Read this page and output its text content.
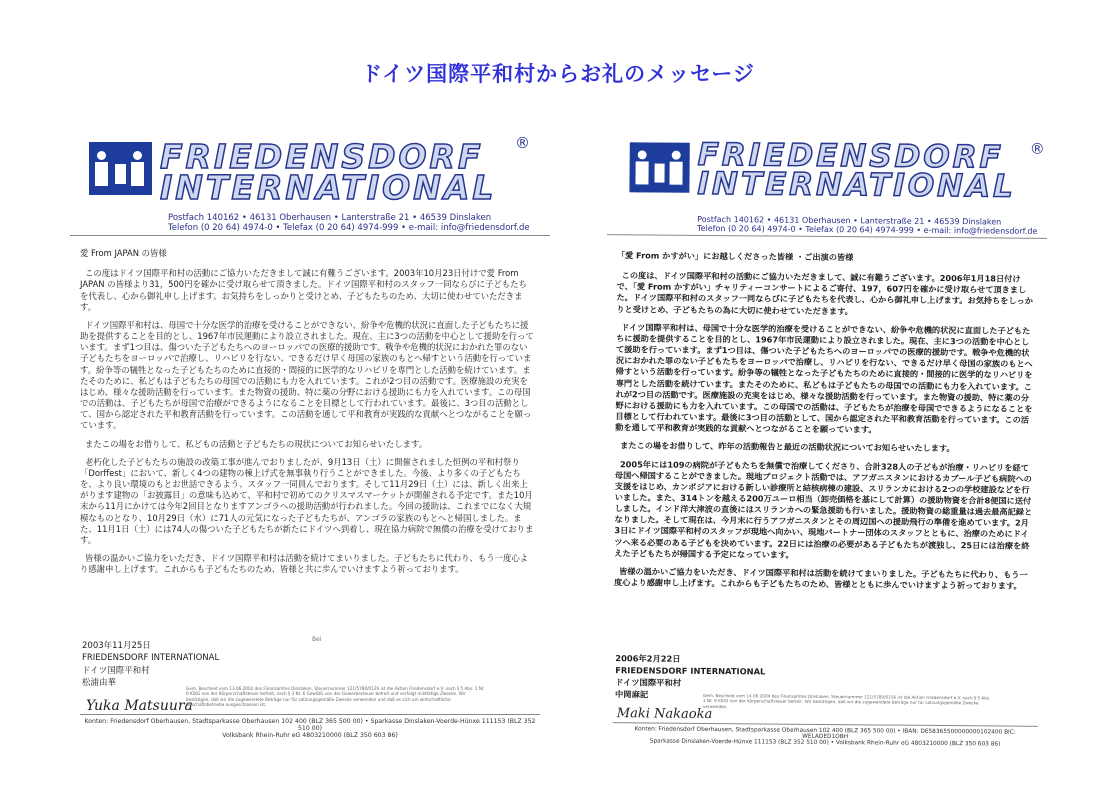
ドイツ国際平和村からお礼のメッセージ
FRIEDENSDORF
INTERNATIONAL
®
Postfach 140162 • 46131 Oberhausen • Lanterstraße 21 • 46539 Dinslaken
Telefon (0 20 64) 4974-0 • Telefax (0 20 64) 4974-999 • e-mail: info@friedensdorf.de

愛 From JAPAN の皆様

この度はドイツ国際平和村の活動にご協力いただきまして誠に有難うございます。2003年10月23日付けで愛 From JAPAN の皆様より31，500円を確かに受け取らせて頂きました。ドイツ国際平和村のスタッフ一同ならびに子どもたちを代表し、心から御礼申し上げます。お気持ちをしっかりと受けとめ、子どもたちのため、大切に使わせていただきます。

ドイツ国際平和村は、母国で十分な医学的治療を受けることができない、紛争や危機的状況に直面した子どもたちに援助を提供することを目的とし、1967年市民運動により設立されました。現在、主に3つの活動を中心として援助を行っています。まず1つ目は、傷ついた子どもたちへのヨーロッパでの医療的援助です。戦争や危機的状況におかれた罪のない子どもたちをヨーロッパで治療し、リハビリを行ない、できるだけ早く母国の家族のもとへ帰すという活動を行っています。紛争等の犠牲となった子どもたちのために直接的・間接的に医学的なリハビリを専門とした活動を続けています。またそのために、私どもは子どもたちの母国での活動にも力を入れています。これが2つ目の活動です。医療施設の充実をはじめ、様々な援助活動を行っています。また物資の援助、特に薬の分野における援助にも力を入れています。この母国での活動は、子どもたちが母国で治療ができるようになることを目標として行われています。最後に、3つ目の活動として、国から認定された平和教育活動を行っています。この活動を通して平和教育が実践的な貢献へとつながることを願っています。

またこの場をお借りして、私どもの活動と子どもたちの現状についてお知らせいたします。

老朽化した子どもたちの施設の改築工事が進んでおりましたが、9月13日（土）に開催されました恒例の平和村祭り「Dorffest」において、新しく4つの建物の棟上げ式を無事執り行うことができました。今後、より多くの子どもたちを、より良い環境のもとお世話できるよう、スタッフ一同員んでおります。そして11月29日（土）には、新しく出来上がります建物の「お披露目」の意味も込めて、平和村で初めてのクリスマスマーケットが開催される予定です。また10月末から11月にかけては今年2回目となりますアンゴラへの援助活動が行われました。今回の援助は、これまでになく大規模なものとなり、10月29日（水）に71人の元気になった子どもたちが、アンゴラの家族のもとへと帰国しました。また、11月1日（土）には74人の傷ついた子どもたちが新たにドイツへ到着し、現在協力病院で無償の治療を受けております。

皆様の温かいご協力をいただき、ドイツ国際平和村は活動を続けてまいりました。子どもたちに代わり、もう一度心より感謝申し上げます。これからも子どもたちのため、皆様と共に歩んでいけますよう祈っております。

Bei
2003年11月25日
FRIEDENSDORF INTERNATIONAL
ドイツ国際平和村
松浦由華
Yuka Matsuura
Gem. Bescheid vom 13.06.2002 des Finanzamtes Dinslaken, Steuernummer 121/5780/0126 ist die Aktion Friedensdorf e.V. nach § 5 Abs. 1 Nr. 9 KStG von der Körperschaftsteuer befreit, nach § 3 Nr. 6 GewStG von der Gewerbesteuer befreit und verfolgt mildtätige Zwecke. Wir bestätigen, daß wir die zugewendete Beträge nur für satzungsgemäße Zwecke verwenden und daß es sich um wirtschaftliche Geschäftsbetriebe ausgeschlossen ist.
Konten: Friedensdorf Oberhausen, Stadtsparkasse Oberhausen 102 400 (BLZ 365 500 00) • Sparkasse Dinslaken-Voerde-Hünxe 111153 (BLZ 352 510 00)
Volksbank Rhein-Ruhr eG 4803210000 (BLZ 350 603 86)
FRIEDENSDORF
INTERNATIONAL
®
Postfach 140162 • 46131 Oberhausen • Lanterstraße 21 • 46539 Dinslaken
Telefon (0 20 64) 4974-0 • Telefax (0 20 64) 4974-999 • e-mail: info@friedensdorf.de

「愛 From かすがい」にお越しくださった皆様 ・ご出演の皆様

この度は、ドイツ国際平和村の活動にご協力いただきまして、誠に有難うございます。2006年1月18日付けで、「愛 From かすがい」チャリティーコンサートによるご寄付、197，607円を確かに受け取らせて頂きました。ドイツ国際平和村のスタッフ一同ならびに子どもたちを代表し、心から御礼申し上げます。お気持ちをしっかりと受けとめ、子どもたちの為に大切に使わせていただきます。

ドイツ国際平和村は、母国で十分な医学的治療を受けることができない、紛争や危機的状況に直面した子どもたちに援助を提供することを目的とし、1967年市民運動により設立されました。現在、主に3つの活動を中心として援助を行っています。まず1つ目は、傷ついた子どもたちへのヨーロッパでの医療的援助です。戦争や危機的状況におかれた罪のない子どもたちをヨーロッパで治療し、リハビリを行ない、できるだけ早く母国の家族のもとへ帰すという活動を行っています。紛争等の犠牲となった子どもたちのために直接的・間接的に医学的なリハビリを専門とした活動を続けています。またそのために、私どもは子どもたちの母国での活動にも力を入れています。これが2つ目の活動です。医療施設の充実をはじめ、様々な援助活動を行っています。また物資の援助、特に薬の分野における援助にも力を入れています。この母国での活動は、子どもたちが治療を母国でできるようになることを目標として行われています。最後に3つ目の活動として、国から認定された平和教育活動を行っています。この活動を通して平和教育が実践的な貢献へとつながることを願っています。

またこの場をお借りして、昨年の活動報告と最近の活動状況についてお知らせいたします。

2005年には109の病院が子どもたちを無償で治療してくださり、合計328人の子どもが治療・リハビリを経て母国へ帰国することができました。現地プロジェクト活動では、アフガニスタンにおけるカブール子ども病院への支援をはじめ、カンボジアにおける新しい診療所と結核病棟の建設、スリランカにおける2つの学校建設などを行いました。また、314トンを越える200万ユーロ相当（卸売価格を基にして計算）の援助物資を合計8便国に送付しました。インド洋大津波の直後にはスリランカへの緊急援助も行いました。援助物資の総重量は過去最高記録となりました。そして現在は、今月末に行うアフガニスタンとその周辺国への援助飛行の準備を進めています。2月3日にドイツ国際平和村のスタッフが現地へ向かい、現地パートナー団体のスタッフとともに、治療のためにドイツへ来る必要のある子どもを決めています。22日には治療の必要がある子どもたちが渡独し、25日には治療を終えた子どもたちが帰国する予定になっています。

皆様の温かいご協力をいただき、ドイツ国際平和村は活動を続けてまいりました。子どもたちに代わり、もう一度心より感謝申し上げます。これからも子どもたちのため、皆様とともに歩んでいけますよう祈っております。

2006年2月22日
FRIEDENSDORF INTERNATIONAL
ドイツ国際平和村
中岡麻記
Maki Nakaoka
Gem. Bescheid vom 14.06.2004 des Finanzamtes Dinslaken, Steuernummer 121/5780/0156 ist die Aktion Friedensdorf e.V. nach § 5 Abs. 1 Nr. 9 KStG von der Körperschaftsteuer befreit. Wir bestätigen, daß wir die zugewendete Beträge nur für satzungsgemäße Zwecke verwenden.
Konten: Friedensdorf Oberhausen, Stadtsparkasse Oberhausen 102 400 (BLZ 365 500 00) • IBAN: DE58365500000000102400 BIC: WELADED1OBH
Sparkasse Dinslaken-Voerde-Hünxe 111153 (BLZ 352 510 00) • Volksbank Rhein-Ruhr eG 4803210000 (BLZ 350 603 86)
